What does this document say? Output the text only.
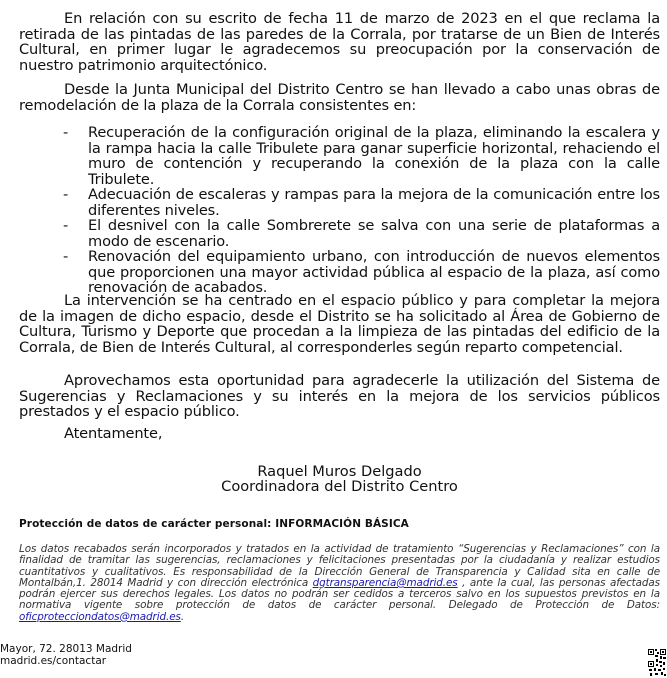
En relación con su escrito de fecha 11 de marzo de 2023 en el que reclama la retirada de las pintadas de las paredes de la Corrala, por tratarse de un Bien de Interés Cultural, en primer lugar le agradecemos su preocupación por la conservación de nuestro patrimonio arquitectónico.
Desde la Junta Municipal del Distrito Centro se han llevado a cabo unas obras de remodelación de la plaza de la Corrala consistentes en:
- Recuperación de la configuración original de la plaza, eliminando la escalera y la rampa hacia la calle Tribulete para ganar superficie horizontal, rehaciendo el muro de contención y recuperando la conexión de la plaza con la calle Tribulete.
- Adecuación de escaleras y rampas para la mejora de la comunicación entre los diferentes niveles.
- El desnivel con la calle Sombrerete se salva con una serie de plataformas a modo de escenario.
- Renovación del equipamiento urbano, con introducción de nuevos elementos que proporcionen una mayor actividad pública al espacio de la plaza, así como renovación de acabados.
La intervención se ha centrado en el espacio público y para completar la mejora de la imagen de dicho espacio, desde el Distrito se ha solicitado al Área de Gobierno de Cultura, Turismo y Deporte que procedan a la limpieza de las pintadas del edificio de la Corrala, de Bien de Interés Cultural, al corresponderles según reparto competencial.
Aprovechamos esta oportunidad para agradecerle la utilización del Sistema de Sugerencias y Reclamaciones y su interés en la mejora de los servicios públicos prestados y el espacio público.
Atentamente,
Raquel Muros Delgado
Coordinadora del Distrito Centro
Protección de datos de carácter personal: INFORMACIÓN BÁSICA
Los datos recabados serán incorporados y tratados en la actividad de tratamiento “Sugerencias y Reclamaciones” con la finalidad de tramitar las sugerencias, reclamaciones y felicitaciones presentadas por la ciudadanía y realizar estudios cuantitativos y cualitativos. Es responsabilidad de la Dirección General de Transparencia y Calidad sita en calle de Montalbán,1. 28014 Madrid y con dirección electrónica dgtransparencia@madrid.es , ante la cual, las personas afectadas podrán ejercer sus derechos legales. Los datos no podrán ser cedidos a terceros salvo en los supuestos previstos en la normativa vigente sobre protección de datos de carácter personal. Delegado de Protección de Datos: oficprotecciondatos@madrid.es.
Mayor, 72. 28013 Madrid
madrid.es/contactar
